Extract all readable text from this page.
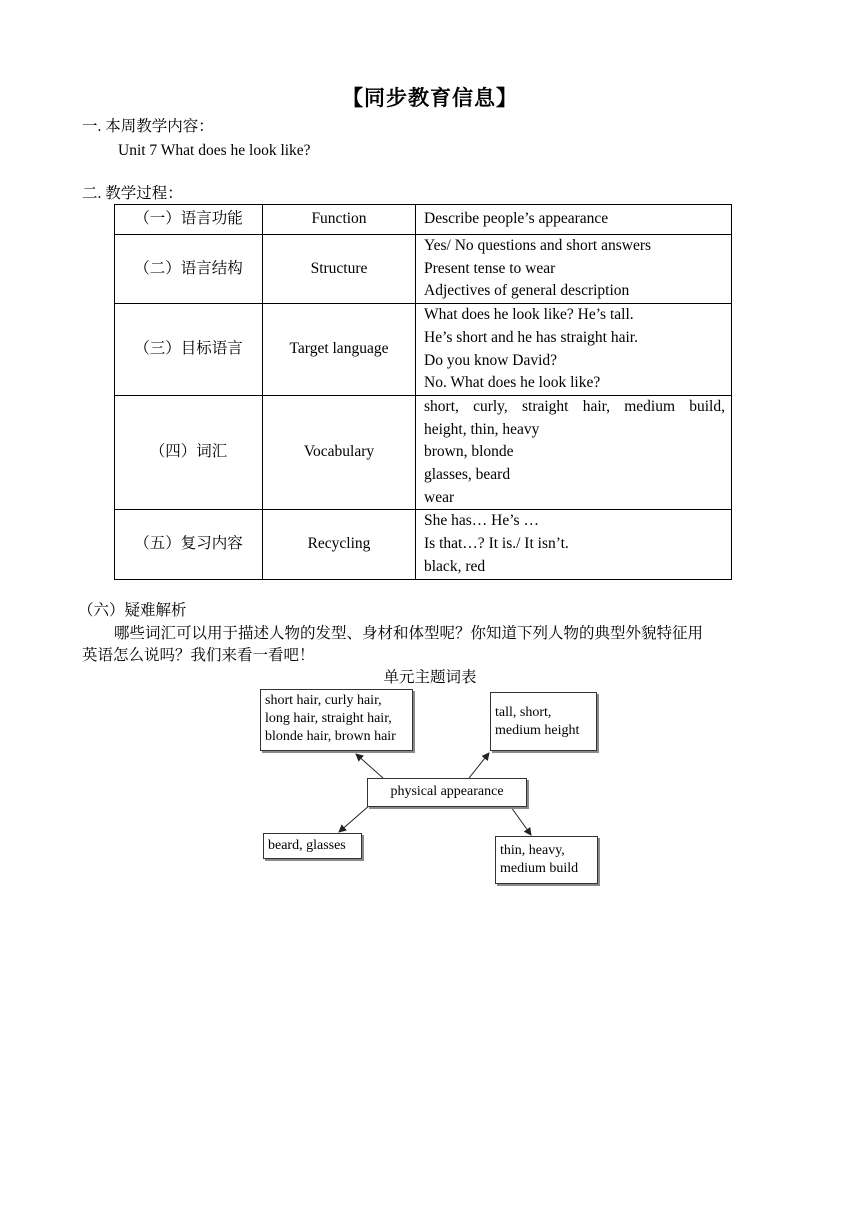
【同步教育信息】
一. 本周教学内容：
Unit 7 What does he look like?
二. 教学过程：
（一）语言功能	Function	Describe people’s appearance

（二）语言结构	Structure	Yes/ No questions and short answers
Present tense to wear
Adjectives of general description

（三）目标语言	Target language	What does he look like? He’s tall.
He’s short and he has straight hair.
Do you know David?
No. What does he look like?

（四）词汇	Vocabulary	short, curly, straight hair, medium build,
height, thin, heavy
brown, blonde
glasses, beard
wear

（五）复习内容	Recycling	She has… He’s …
Is that…? It is./ It isn’t.
black, red
（六）疑难解析
哪些词汇可以用于描述人物的发型、身材和体型呢？你知道下列人物的典型外貌特征用
英语怎么说吗？我们来看一看吧！
单元主题词表
short hair, curly hair,
long hair, straight hair,
blonde hair, brown hair
tall, short,
medium height
physical appearance
beard, glasses	thin, heavy,
medium build
